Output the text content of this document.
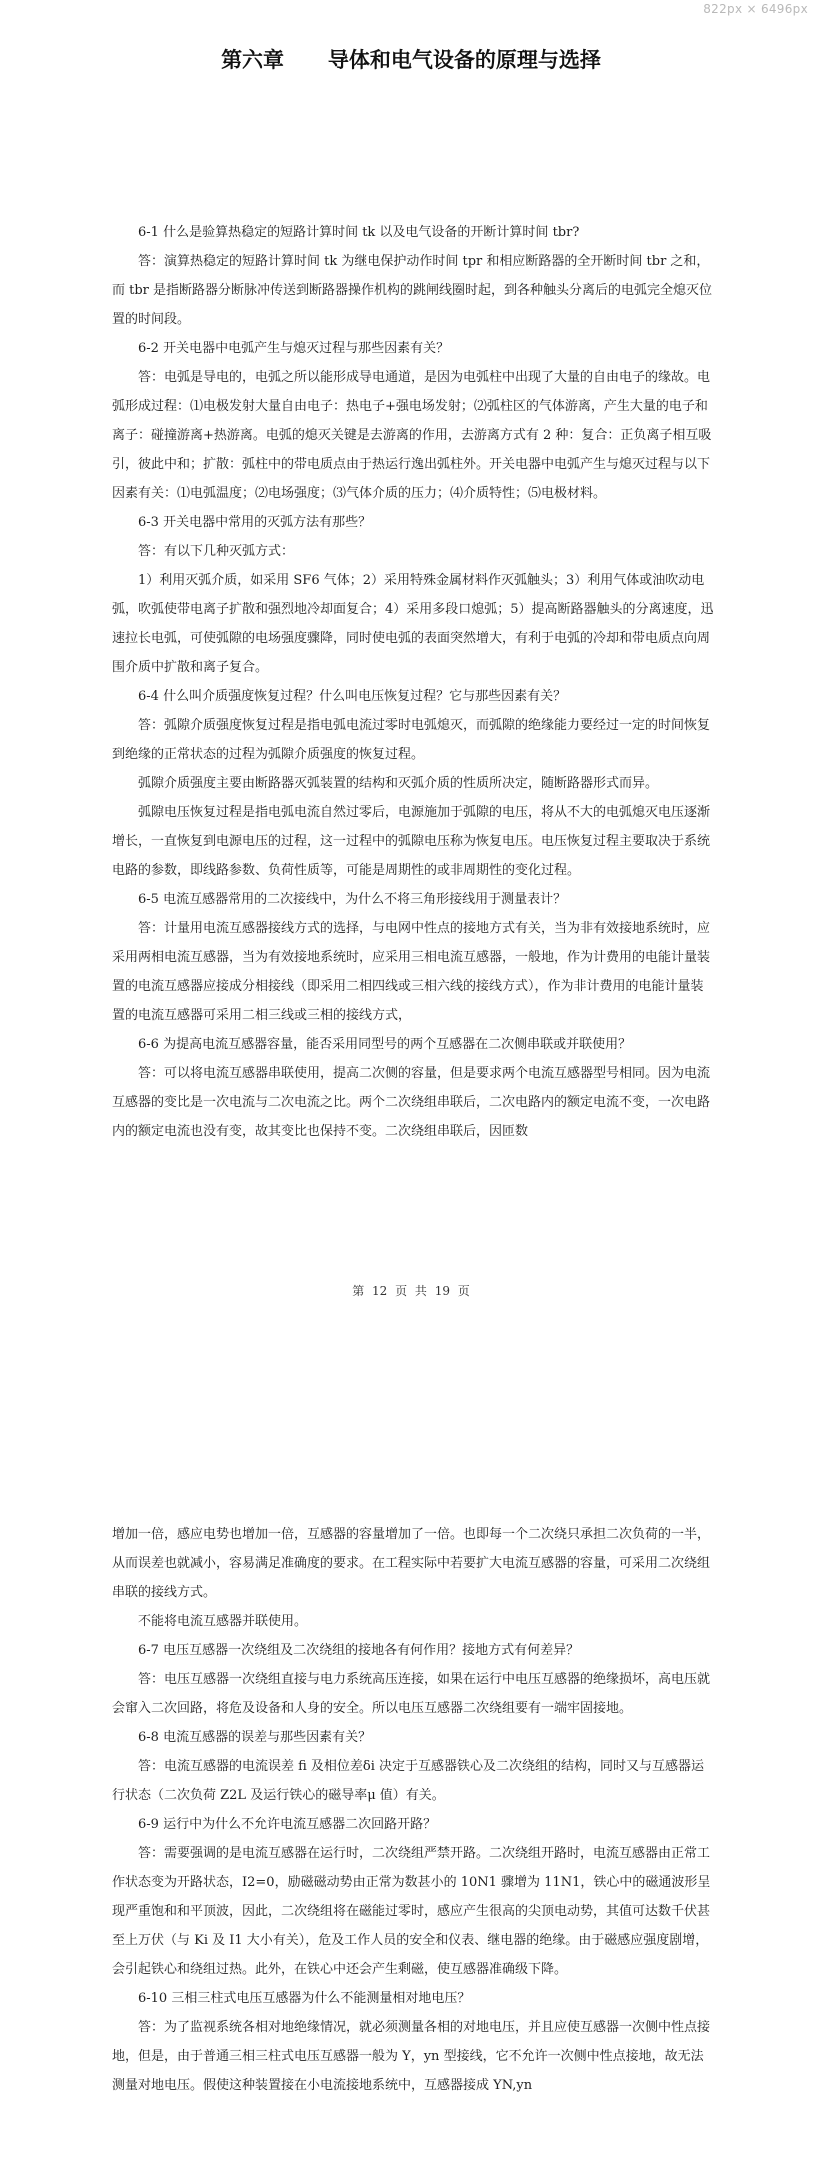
822px × 6496px
第六章      导体和电气设备的原理与选择

6-1 什么是验算热稳定的短路计算时间 tk 以及电气设备的开断计算时间 tbr?

答：演算热稳定的短路计算时间 tk 为继电保护动作时间 tpr 和相应断路器的全开断时间 tbr 之和，而 tbr 是指断路器分断脉冲传送到断路器操作机构的跳闸线圈时起，到各种触头分离后的电弧完全熄灭位置的时间段。

6-2 开关电器中电弧产生与熄灭过程与那些因素有关？

答：电弧是导电的，电弧之所以能形成导电通道，是因为电弧柱中出现了大量的自由电子的缘故。电弧形成过程：⑴电极发射大量自由电子：热电子+强电场发射；⑵弧柱区的气体游离，产生大量的电子和离子：碰撞游离+热游离。电弧的熄灭关键是去游离的作用，去游离方式有 2 种：复合：正负离子相互吸引，彼此中和；扩散：弧柱中的带电质点由于热运行逸出弧柱外。开关电器中电弧产生与熄灭过程与以下因素有关：⑴电弧温度；⑵电场强度；⑶气体介质的压力；⑷介质特性；⑸电极材料。

6-3 开关电器中常用的灭弧方法有那些？

答：有以下几种灭弧方式：

1）利用灭弧介质，如采用 SF6 气体；2）采用特殊金属材料作灭弧触头；3）利用气体或油吹动电弧，吹弧使带电离子扩散和强烈地冷却面复合；4）采用多段口熄弧；5）提高断路器触头的分离速度，迅速拉长电弧，可使弧隙的电场强度骤降，同时使电弧的表面突然增大，有利于电弧的冷却和带电质点向周围介质中扩散和离子复合。

6-4 什么叫介质强度恢复过程？什么叫电压恢复过程？它与那些因素有关？

答：弧隙介质强度恢复过程是指电弧电流过零时电弧熄灭，而弧隙的绝缘能力要经过一定的时间恢复到绝缘的正常状态的过程为弧隙介质强度的恢复过程。

弧隙介质强度主要由断路器灭弧装置的结构和灭弧介质的性质所决定，随断路器形式而异。

弧隙电压恢复过程是指电弧电流自然过零后，电源施加于弧隙的电压，将从不大的电弧熄灭电压逐渐增长，一直恢复到电源电压的过程，这一过程中的弧隙电压称为恢复电压。电压恢复过程主要取决于系统电路的参数，即线路参数、负荷性质等，可能是周期性的或非周期性的变化过程。

6-5 电流互感器常用的二次接线中，为什么不将三角形接线用于测量表计？

答：计量用电流互感器接线方式的选择，与电网中性点的接地方式有关，当为非有效接地系统时，应采用两相电流互感器，当为有效接地系统时，应采用三相电流互感器，一般地，作为计费用的电能计量装置的电流互感器应接成分相接线（即采用二相四线或三相六线的接线方式），作为非计费用的电能计量装置的电流互感器可采用二相三线或三相的接线方式，

6-6 为提高电流互感器容量，能否采用同型号的两个互感器在二次侧串联或并联使用？

答：可以将电流互感器串联使用，提高二次侧的容量，但是要求两个电流互感器型号相同。因为电流互感器的变比是一次电流与二次电流之比。两个二次绕组串联后，二次电路内的额定电流不变，一次电路内的额定电流也没有变，故其变比也保持不变。二次绕组串联后，因匝数

第 12 页 共 19 页

增加一倍，感应电势也增加一倍，互感器的容量增加了一倍。也即每一个二次绕只承担二次负荷的一半，从而误差也就减小，容易满足准确度的要求。在工程实际中若要扩大电流互感器的容量，可采用二次绕组串联的接线方式。

不能将电流互感器并联使用。

6-7 电压互感器一次绕组及二次绕组的接地各有何作用？接地方式有何差异？

答：电压互感器一次绕组直接与电力系统高压连接，如果在运行中电压互感器的绝缘损坏，高电压就会窜入二次回路，将危及设备和人身的安全。所以电压互感器二次绕组要有一端牢固接地。

6-8 电流互感器的误差与那些因素有关？

答：电流互感器的电流误差 fi 及相位差δi 决定于互感器铁心及二次绕组的结构，同时又与互感器运行状态（二次负荷 Z2L 及运行铁心的磁导率μ 值）有关。

6-9 运行中为什么不允许电流互感器二次回路开路？

答：需要强调的是电流互感器在运行时，二次绕组严禁开路。二次绕组开路时，电流互感器由正常工作状态变为开路状态，I2=0，励磁磁动势由正常为数甚小的 10N1 骤增为 11N1，铁心中的磁通波形呈现严重饱和和平顶波，因此，二次绕组将在磁能过零时，感应产生很高的尖顶电动势，其值可达数千伏甚至上万伏（与 Ki 及 I1 大小有关），危及工作人员的安全和仪表、继电器的绝缘。由于磁感应强度剧增，会引起铁心和绕组过热。此外，在铁心中还会产生剩磁，使互感器准确级下降。

6-10 三相三柱式电压互感器为什么不能测量相对地电压？

答：为了监视系统各相对地绝缘情况，就必须测量各相的对地电压，并且应使互感器一次侧中性点接地，但是，由于普通三相三柱式电压互感器一般为 Y，yn 型接线，它不允许一次侧中性点接地，故无法测量对地电压。假使这种装置接在小电流接地系统中，互感器接成 YN,yn
